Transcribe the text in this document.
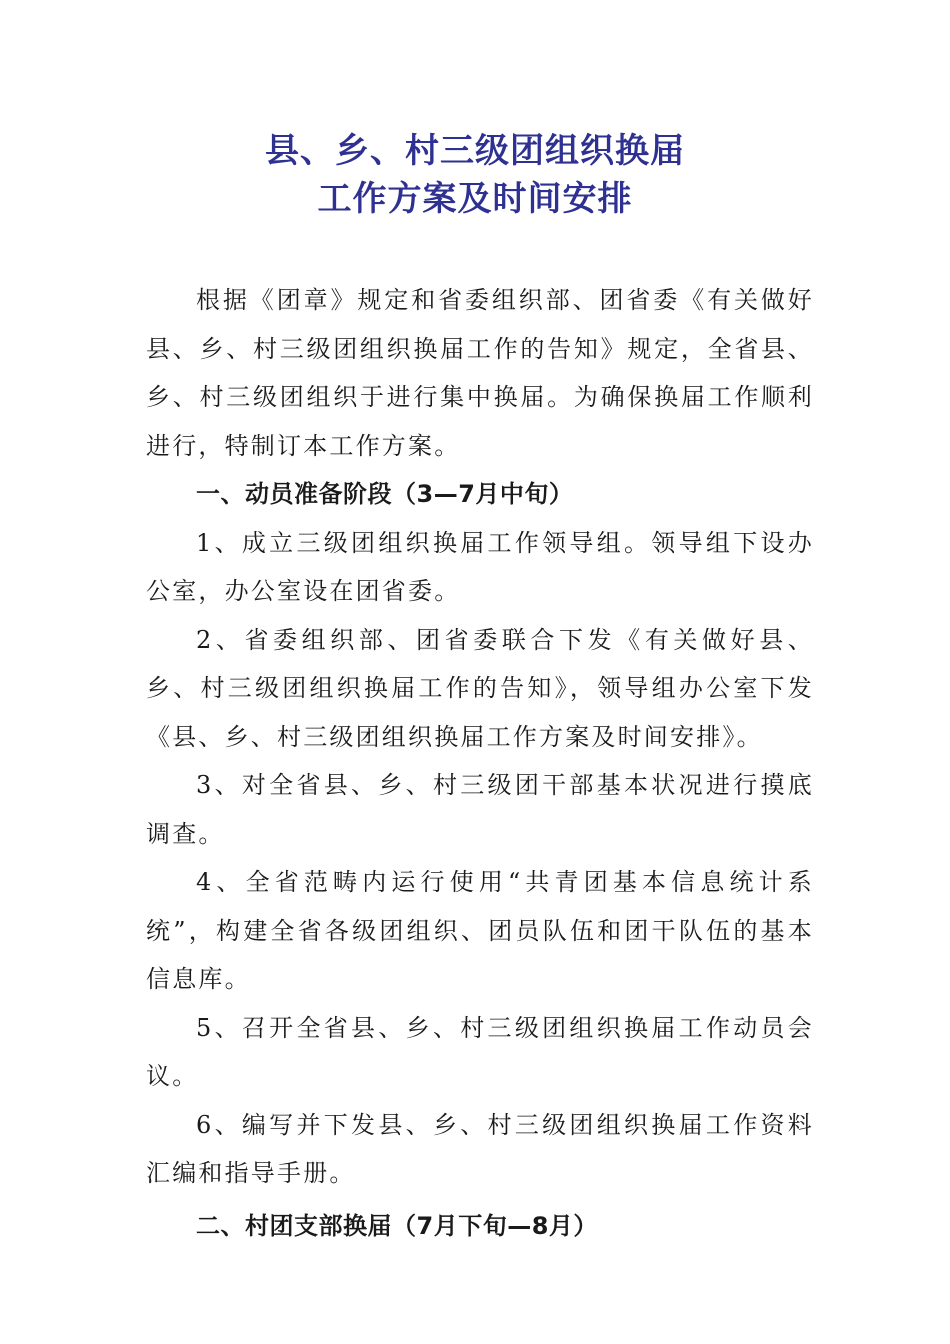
县、乡、村三级团组织换届
工作方案及时间安排

根据《团章》规定和省委组织部、团省委《有关做好县、乡、村三级团组织换届工作的告知》规定，全省县、乡、村三级团组织于进行集中换届。为确保换届工作顺利进行，特制订本工作方案。

一、动员准备阶段（3—7月中旬）

1、成立三级团组织换届工作领导组。领导组下设办公室，办公室设在团省委。

2、省委组织部、团省委联合下发《有关做好县、乡、村三级团组织换届工作的告知》，领导组办公室下发《县、乡、村三级团组织换届工作方案及时间安排》。

3、对全省县、乡、村三级团干部基本状况进行摸底调查。

4、全省范畴内运行使用“共青团基本信息统计系统”，构建全省各级团组织、团员队伍和团干队伍的基本信息库。

5、召开全省县、乡、村三级团组织换届工作动员会议。

6、编写并下发县、乡、村三级团组织换届工作资料汇编和指导手册。

二、村团支部换届（7月下旬—8月）
